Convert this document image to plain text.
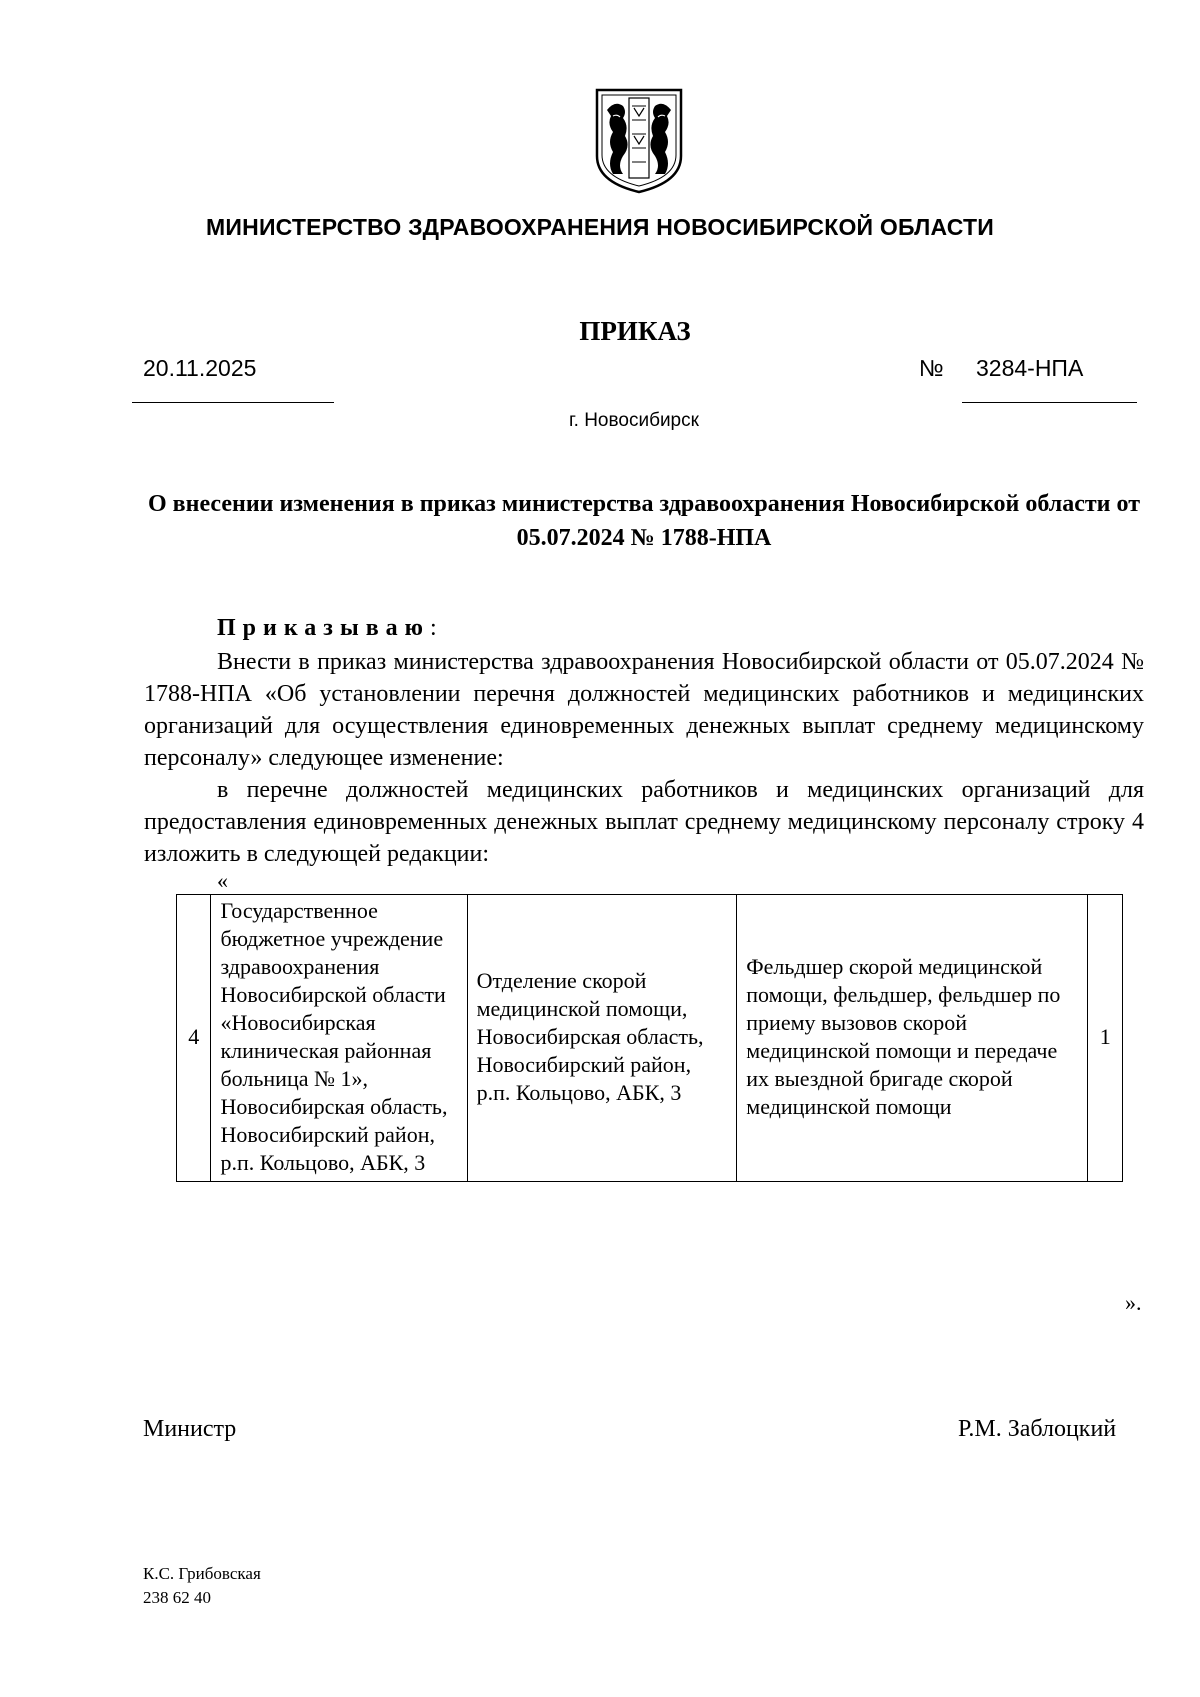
МИНИСТЕРСТВО ЗДРАВООХРАНЕНИЯ НОВОСИБИРСКОЙ ОБЛАСТИ
ПРИКАЗ
20.11.2025	№ 3284-НПА
г. Новосибирск
О внесении изменения в приказ министерства здравоохранения Новосибирской области от 05.07.2024 № 1788-НПА
Приказываю:
Внести в приказ министерства здравоохранения Новосибирской области от 05.07.2024 № 1788-НПА «Об установлении перечня должностей медицинских работников и медицинских организаций для осуществления единовременных денежных выплат среднему медицинскому персоналу» следующее изменение:
в перечне должностей медицинских работников и медицинских организаций для предоставления единовременных денежных выплат среднему медицинскому персоналу строку 4 изложить в следующей редакции:
«
4	Государственное бюджетное учреждение здравоохранения Новосибирской области «Новосибирская клиническая районная больница № 1», Новосибирская область, Новосибирский район, р.п. Кольцово, АБК, 3	Отделение скорой медицинской помощи, Новосибирская область, Новосибирский район, р.п. Кольцово, АБК, 3	Фельдшер скорой медицинской помощи, фельдшер, фельдшер по приему вызовов скорой медицинской помощи и передаче их выездной бригаде скорой медицинской помощи	1
».
Министр	Р.М. Заблоцкий
К.С. Грибовская
238 62 40
